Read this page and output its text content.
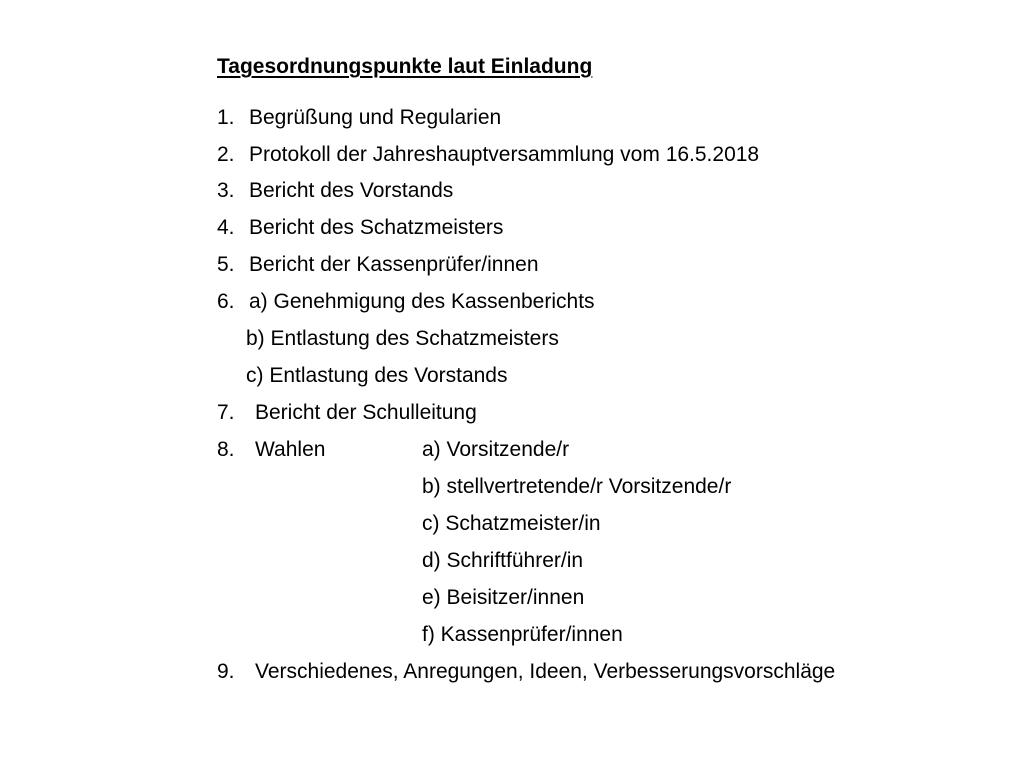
Tagesordnungspunkte laut Einladung
1. Begrüßung und Regularien
2. Protokoll der Jahreshauptversammlung vom 16.5.2018
3. Bericht des Vorstands
4. Bericht des Schatzmeisters
5. Bericht der Kassenprüfer/innen
6. a) Genehmigung des Kassenberichts
b) Entlastung des Schatzmeisters
c) Entlastung des Vorstands
7. Bericht der Schulleitung
8. Wahlen	a) Vorsitzende/r
b) stellvertretende/r Vorsitzende/r
c) Schatzmeister/in
d) Schriftführer/in
e) Beisitzer/innen
f) Kassenprüfer/innen
9. Verschiedenes, Anregungen, Ideen, Verbesserungsvorschläge
